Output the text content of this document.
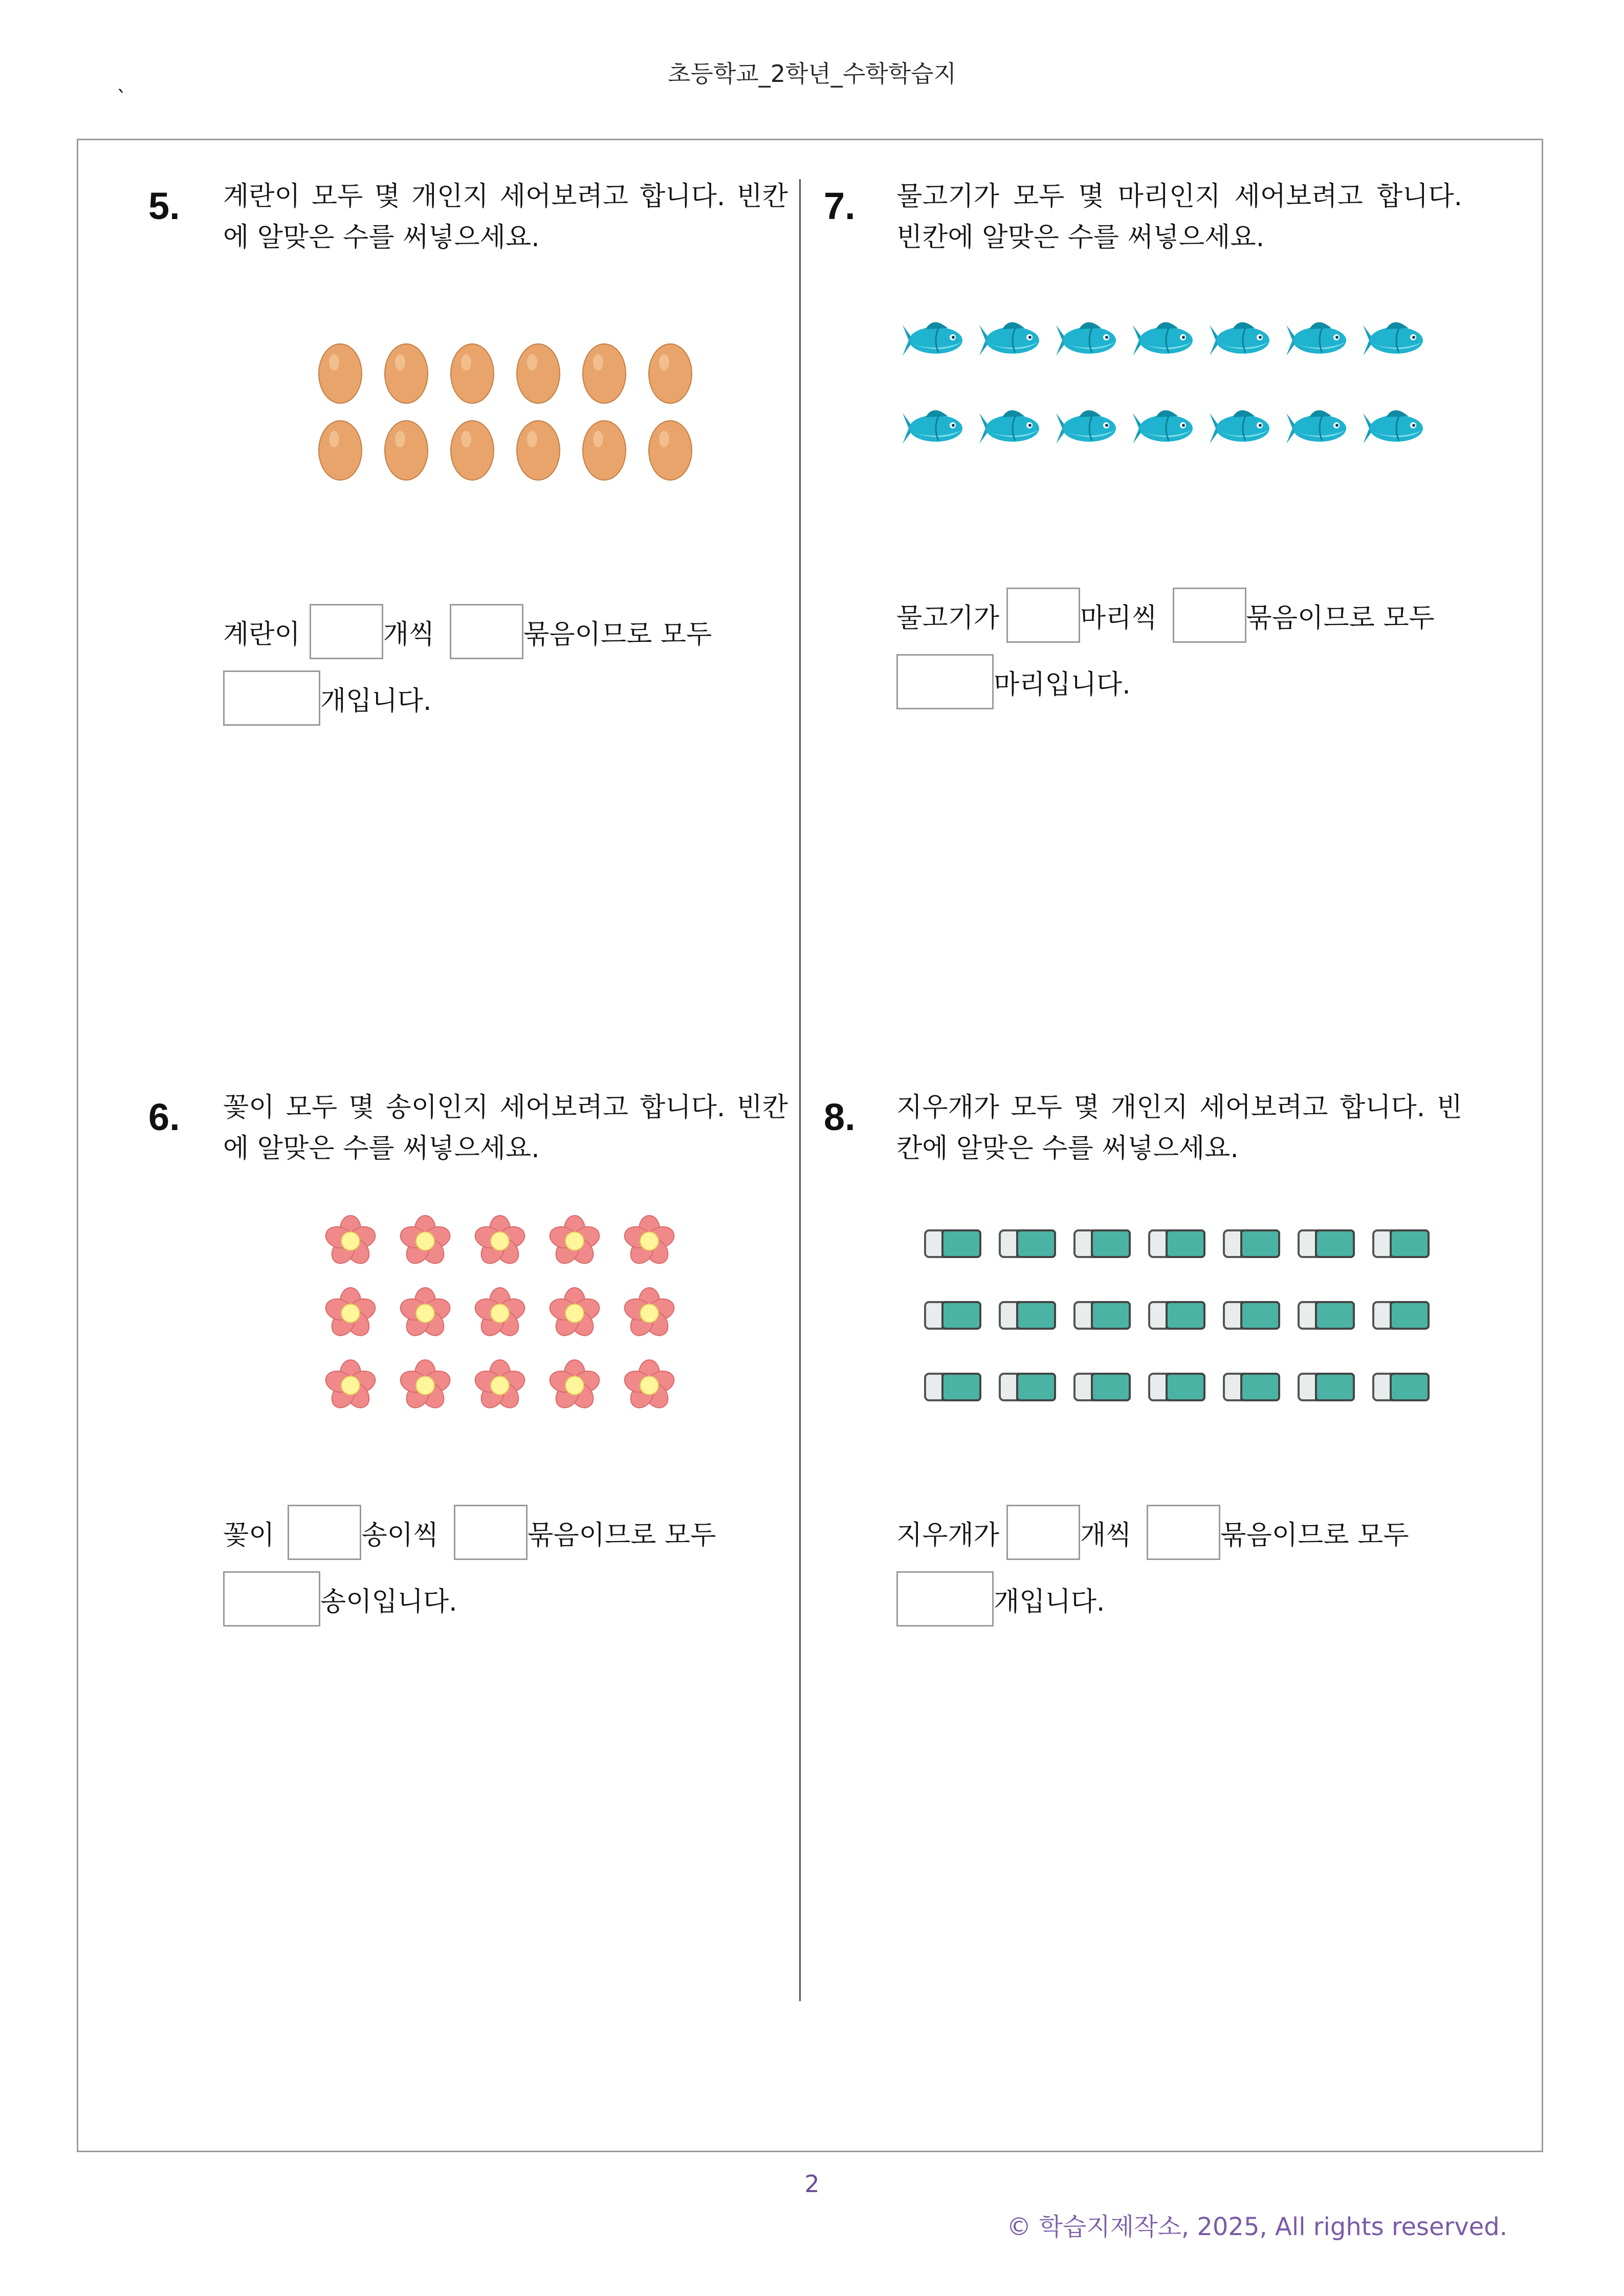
초등학교_2학년_수학학습지
`
5. 계란이 모두 몇 개인지 세어보려고 합니다. 빈칸
에 알맞은 수를 써넣으세요.
계란이	개씩	묶음이므로 모두
개입니다.
6. 꽃이 모두 몇 송이인지 세어보려고 합니다. 빈칸
에 알맞은 수를 써넣으세요.
꽃이	송이씩	묶음이므로 모두
송이입니다.
7. 물고기가 모두 몇 마리인지 세어보려고 합니다.
빈칸에 알맞은 수를 써넣으세요.
물고기가	마리씩	묶음이므로 모두
마리입니다.
8. 지우개가 모두 몇 개인지 세어보려고 합니다. 빈
칸에 알맞은 수를 써넣으세요.
지우개가	개씩	묶음이므로 모두
개입니다.
2
© 학습지제작소, 2025, All rights reserved.
